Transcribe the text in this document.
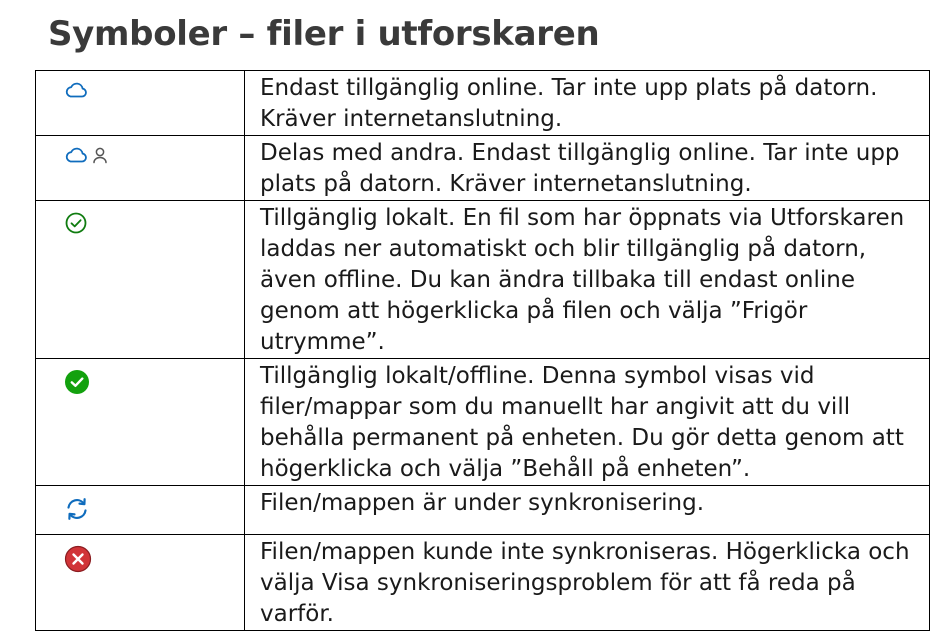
Symboler – filer i utforskaren
	Endast tillgänglig online. Tar inte upp plats på datorn. Kräver internetanslutning.

	Delas med andra. Endast tillgänglig online. Tar inte upp plats på datorn. Kräver internetanslutning.

	Tillgänglig lokalt. En fil som har öppnats via Utforskaren laddas ner automatiskt och blir tillgänglig på datorn, även offline. Du kan ändra tillbaka till endast online genom att högerklicka på filen och välja ”Frigör utrymme”.

	Tillgänglig lokalt/offline. Denna symbol visas vid filer/mappar som du manuellt har angivit att du vill behålla permanent på enheten. Du gör detta genom att högerklicka och välja ”Behåll på enheten”.

	Filen/mappen är under synkronisering.

	Filen/mappen kunde inte synkroniseras. Högerklicka och välja Visa synkroniseringsproblem för att få reda på varför.
